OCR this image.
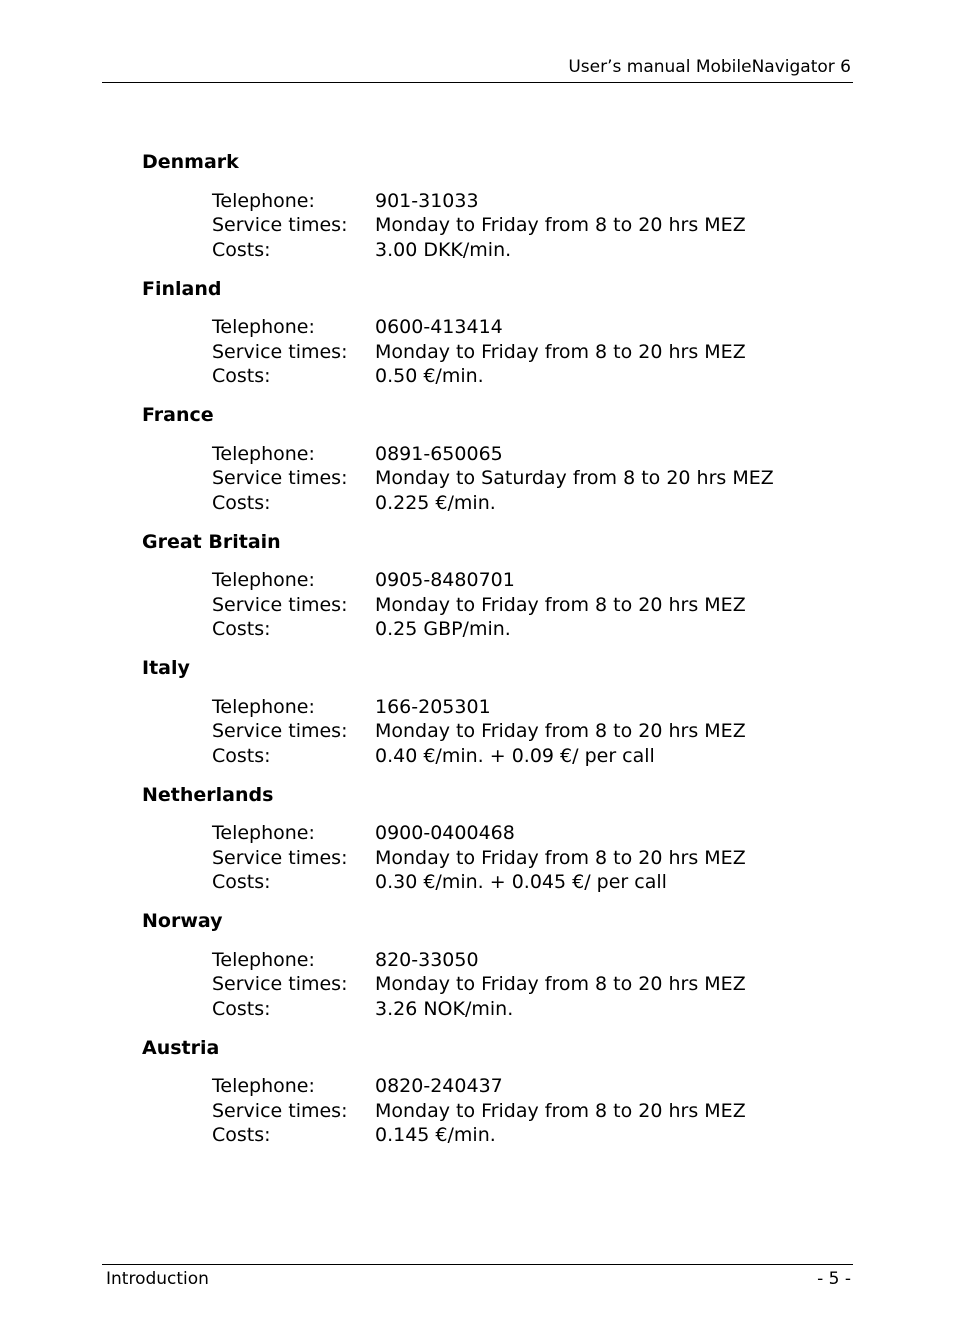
User’s manual MobileNavigator 6
Denmark
Telephone:	901-31033
Service times:	Monday to Friday from 8 to 20 hrs MEZ
Costs:	3.00 DKK/min.
Finland
Telephone:	0600-413414
Service times:	Monday to Friday from 8 to 20 hrs MEZ
Costs:	0.50 €/min.
France
Telephone:	0891-650065
Service times:	Monday to Saturday from 8 to 20 hrs MEZ
Costs:	0.225 €/min.
Great Britain
Telephone:	0905-8480701
Service times:	Monday to Friday from 8 to 20 hrs MEZ
Costs:	0.25 GBP/min.
Italy
Telephone:	166-205301
Service times:	Monday to Friday from 8 to 20 hrs MEZ
Costs:	0.40 €/min. + 0.09 €/ per call
Netherlands
Telephone:	0900-0400468
Service times:	Monday to Friday from 8 to 20 hrs MEZ
Costs:	0.30 €/min. + 0.045 €/ per call
Norway
Telephone:	820-33050
Service times:	Monday to Friday from 8 to 20 hrs MEZ
Costs:	3.26 NOK/min.
Austria
Telephone:	0820-240437
Service times:	Monday to Friday from 8 to 20 hrs MEZ
Costs:	0.145 €/min.
Introduction	- 5 -
